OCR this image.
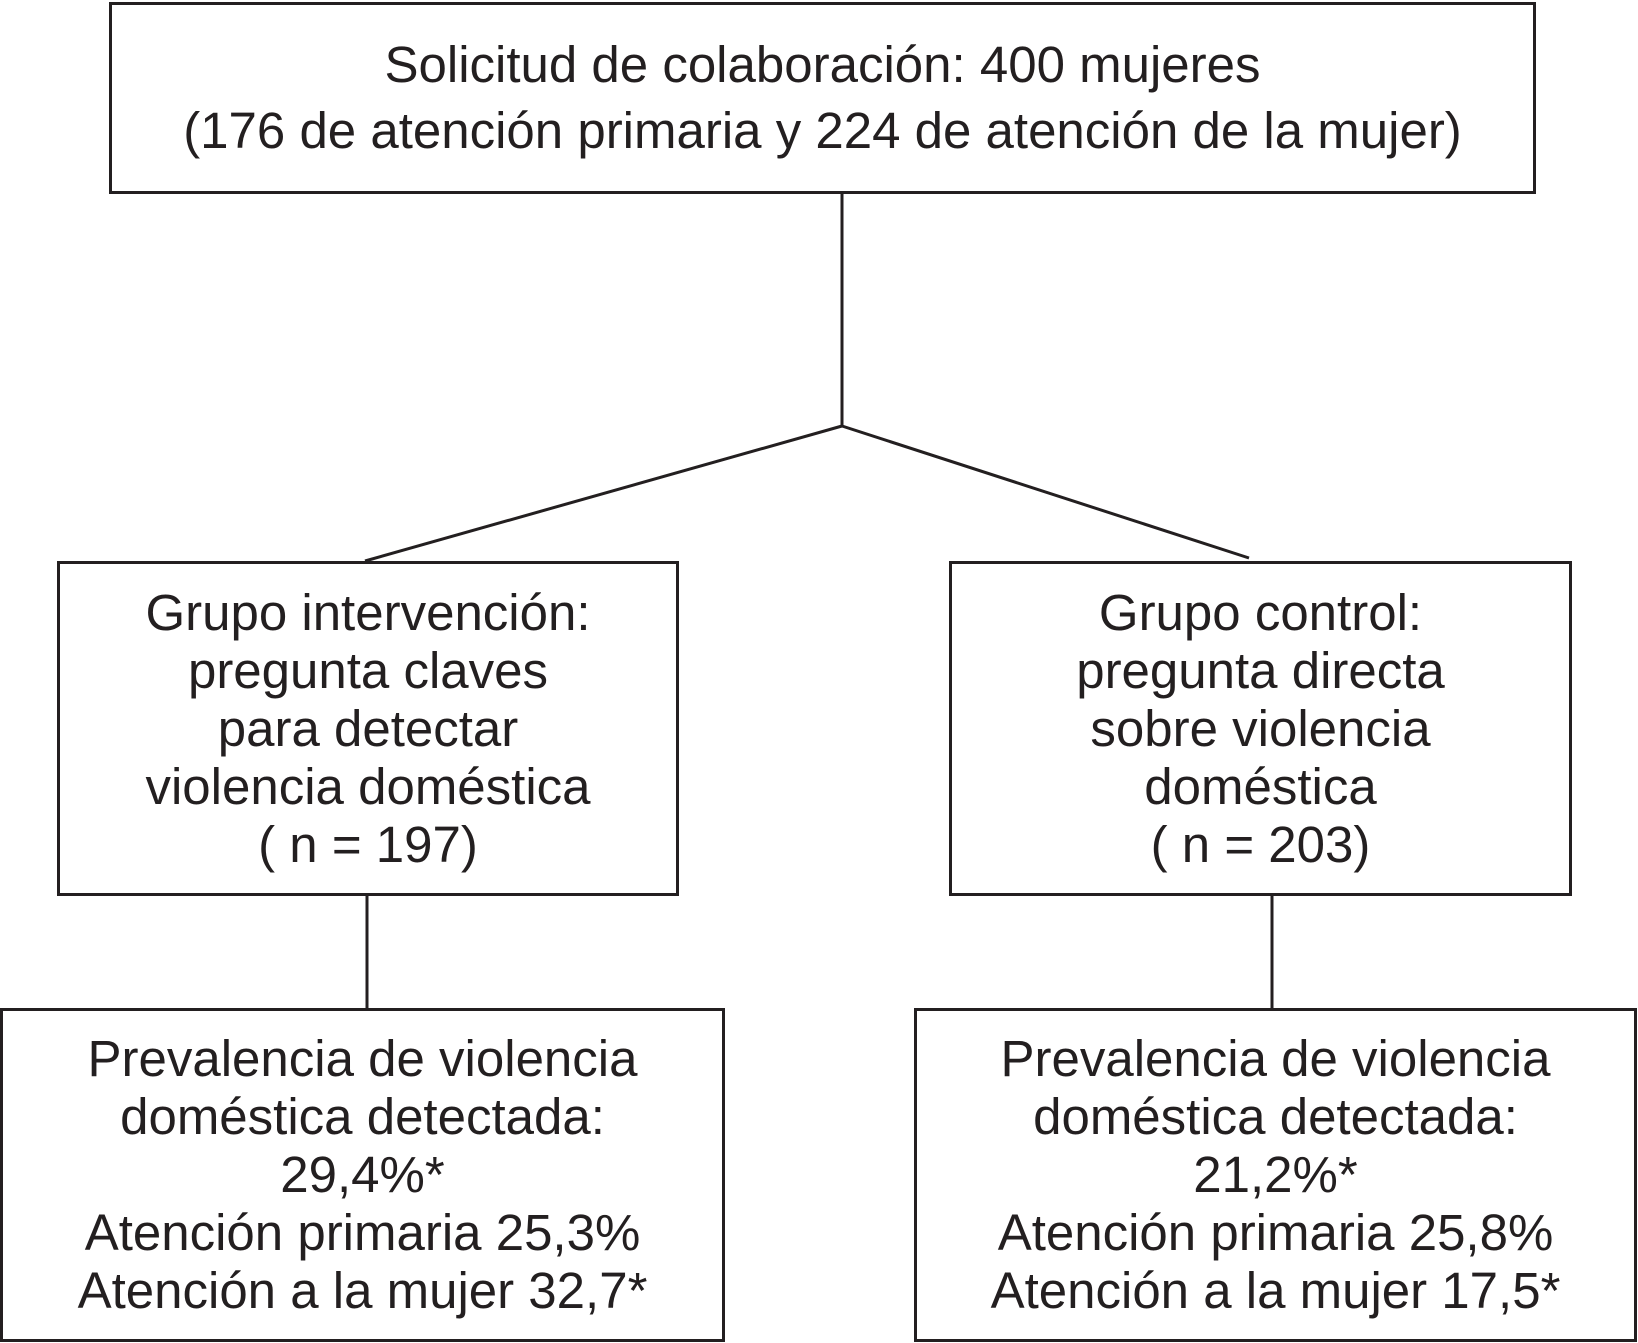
Solicitud de colaboración: 400 mujeres
(176 de atención primaria y 224 de atención de la mujer)
Grupo intervención:
pregunta claves
para detectar
violencia doméstica
( n = 197)
Grupo control:
pregunta directa
sobre violencia
doméstica
( n = 203)
Prevalencia de violencia
doméstica detectada:
29,4%*
Atención primaria 25,3%
Atención a la mujer 32,7*
Prevalencia de violencia
doméstica detectada:
21,2%*
Atención primaria 25,8%
Atención a la mujer 17,5*
